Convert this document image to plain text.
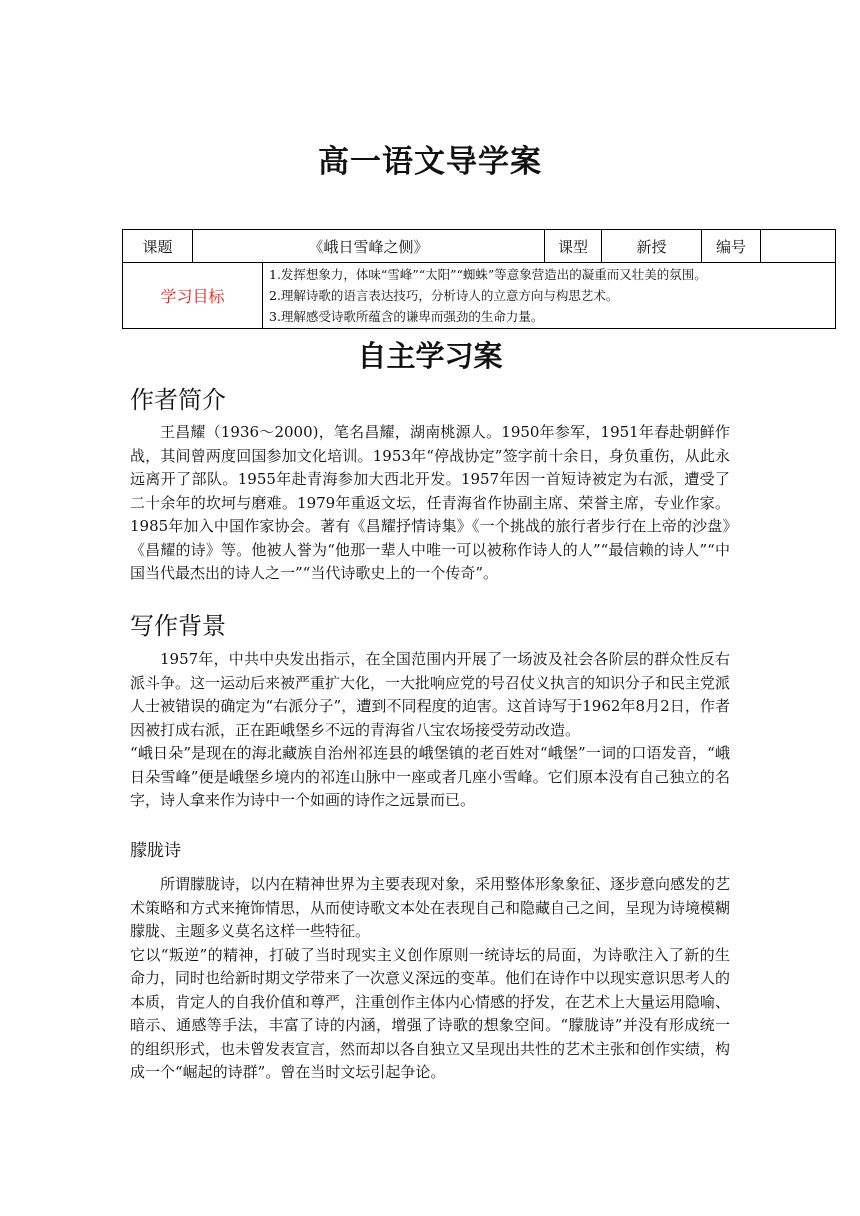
高一语文导学案
课题	《峨日雪峰之侧》		课型	新授	编号	
学习目标		1.发挥想象力，体味“雪峰”“太阳”“蜘蛛”等意象营造出的凝重而又壮美的氛围。
2.理解诗歌的语言表达技巧，分析诗人的立意方向与构思艺术。
3.理解感受诗歌所蕴含的谦卑而强劲的生命力量。				
自主学习案
作者简介

王昌耀（1936～2000)，笔名昌耀，湖南桃源人。1950年参军，1951年春赴朝鲜作战，其间曾两度回国参加文化培训。1953年“停战协定”签字前十余日，身负重伤，从此永远离开了部队。1955年赴青海参加大西北开发。1957年因一首短诗被定为右派，遭受了二十余年的坎坷与磨难。1979年重返文坛，任青海省作协副主席、荣誉主席，专业作家。1985年加入中国作家协会。著有《昌耀抒情诗集》《一个挑战的旅行者步行在上帝的沙盘》《昌耀的诗》等。他被人誉为“他那一辈人中唯一可以被称作诗人的人”“最信赖的诗人”“中国当代最杰出的诗人之一”“当代诗歌史上的一个传奇”。

写作背景

1957年，中共中央发出指示，在全国范围内开展了一场波及社会各阶层的群众性反右派斗争。这一运动后来被严重扩大化，一大批响应党的号召仗义执言的知识分子和民主党派人士被错误的确定为“右派分子”，遭到不同程度的迫害。这首诗写于1962年8月2日，作者因被打成右派，正在距峨堡乡不远的青海省八宝农场接受劳动改造。

“峨日朵”是现在的海北藏族自治州祁连县的峨堡镇的老百姓对“峨堡”一词的口语发音，“峨日朵雪峰”便是峨堡乡境内的祁连山脉中一座或者几座小雪峰。它们原本没有自己独立的名字，诗人拿来作为诗中一个如画的诗作之远景而已。

朦胧诗

所谓朦胧诗，以内在精神世界为主要表现对象，采用整体形象象征、逐步意向感发的艺术策略和方式来掩饰情思，从而使诗歌文本处在表现自己和隐藏自己之间，呈现为诗境模糊朦胧、主题多义莫名这样一些特征。

它以“叛逆”的精神，打破了当时现实主义创作原则一统诗坛的局面，为诗歌注入了新的生命力，同时也给新时期文学带来了一次意义深远的变革。他们在诗作中以现实意识思考人的本质，肯定人的自我价值和尊严，注重创作主体内心情感的抒发，在艺术上大量运用隐喻、暗示、通感等手法，丰富了诗的内涵，增强了诗歌的想象空间。“朦胧诗”并没有形成统一的组织形式，也未曾发表宣言，然而却以各自独立又呈现出共性的艺术主张和创作实绩，构成一个“崛起的诗群”。曾在当时文坛引起争论。
